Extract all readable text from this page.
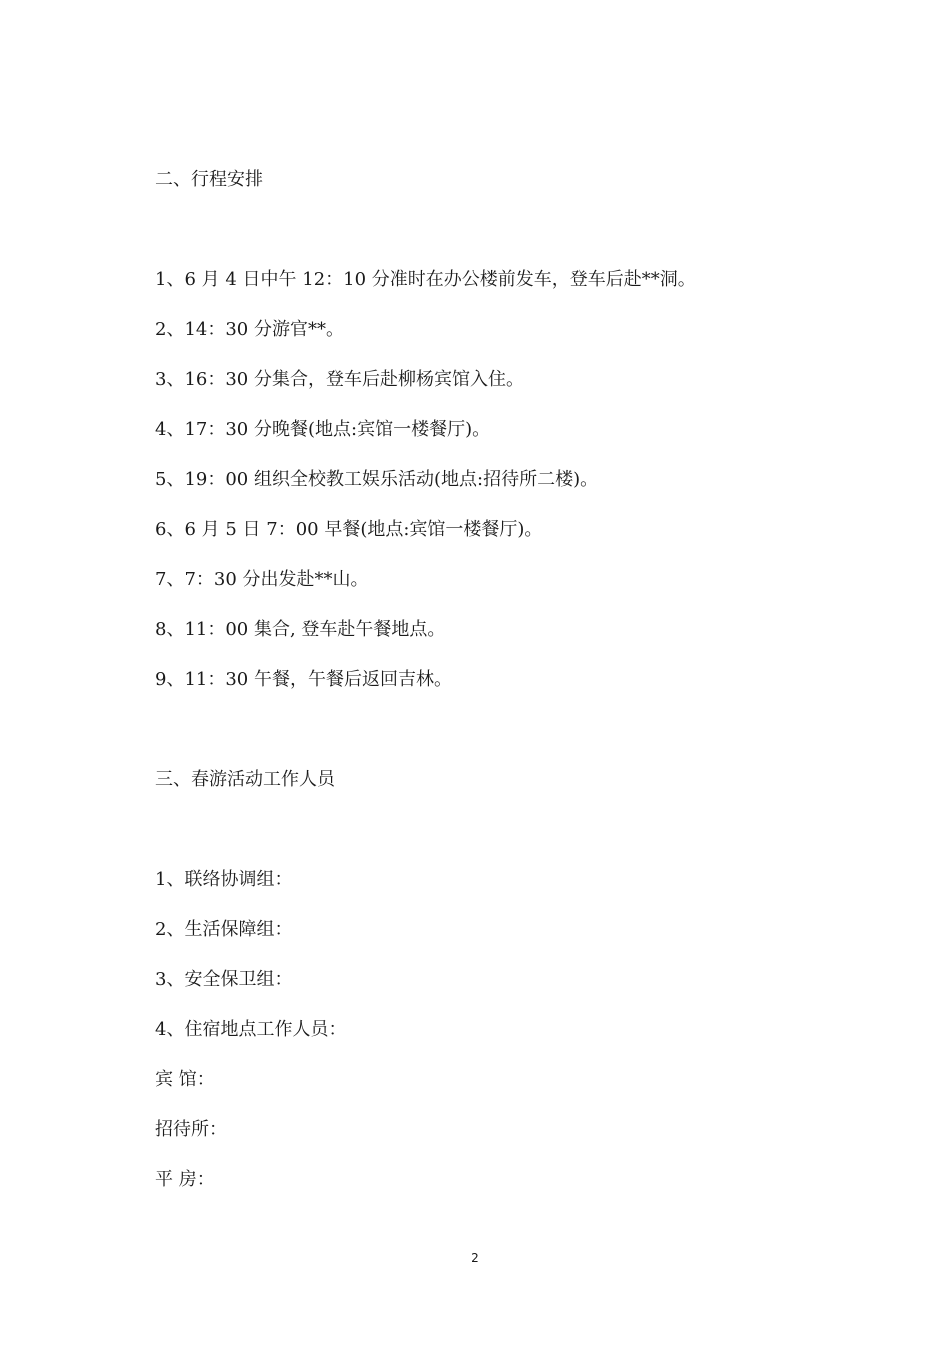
二、行程安排

1、6 月 4 日中午 12：10 分准时在办公楼前发车，登车后赴**洞。

2、14：30 分游官**。

3、16：30 分集合，登车后赴柳杨宾馆入住。

4、17：30 分晚餐(地点:宾馆一楼餐厅)。

5、19：00 组织全校教工娱乐活动(地点:招待所二楼)。

6、6 月 5 日 7：00 早餐(地点:宾馆一楼餐厅)。

7、7：30 分出发赴**山。

8、11：00 集合, 登车赴午餐地点。

9、11：30 午餐，午餐后返回吉林。

三、春游活动工作人员

1、联络协调组：

2、生活保障组：

3、安全保卫组：

4、住宿地点工作人员：

宾 馆：

招待所：

平 房：

2
